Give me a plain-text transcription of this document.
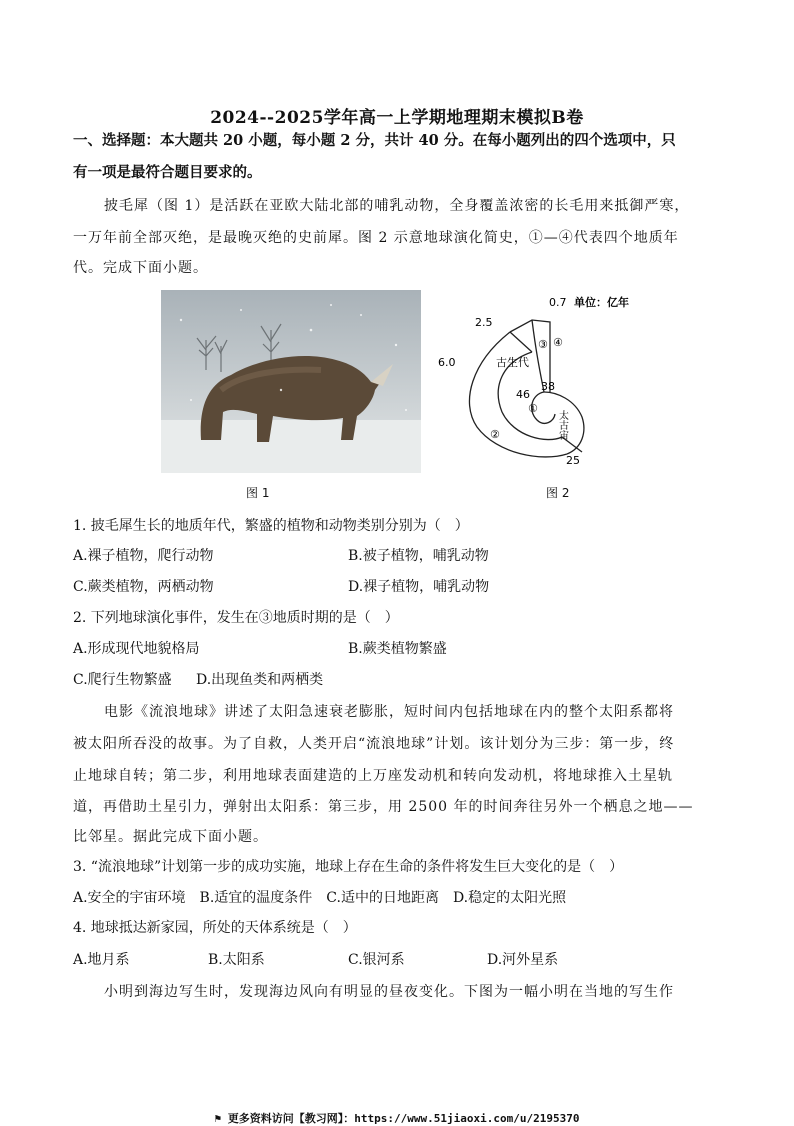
2024--2025学年高一上学期地理期末模拟B卷
一、选择题：本大题共 20 小题，每小题 2 分，共计 40 分。在每小题列出的四个选项中，只
有一项是最符合题目要求的。
披毛犀（图 1）是活跃在亚欧大陆北部的哺乳动物，全身覆盖浓密的长毛用来抵御严寒，
一万年前全部灭绝，是最晚灭绝的史前犀。图 2 示意地球演化简史，①—④代表四个地质年
代。完成下面小题。
图 1
0.7 单位：亿年
2.5
6.0	古生代
③ ④
38
46
①
②	太古宙
25
图 2
1. 披毛犀生长的地质年代，繁盛的植物和动物类别分别为（　）
A.裸子植物，爬行动物	B.被子植物，哺乳动物
C.蕨类植物，两栖动物	D.裸子植物，哺乳动物
2. 下列地球演化事件，发生在③地质时期的是（　）
A.形成现代地貌格局	B.蕨类植物繁盛
C.爬行生物繁盛 D.出现鱼类和两栖类
电影《流浪地球》讲述了太阳急速衰老膨胀，短时间内包括地球在内的整个太阳系都将
被太阳所吞没的故事。为了自救，人类开启“流浪地球”计划。该计划分为三步：第一步，终
止地球自转；第二步，利用地球表面建造的上万座发动机和转向发动机，将地球推入土星轨
道，再借助土星引力，弹射出太阳系：第三步，用 2500 年的时间奔往另外一个栖息之地——
比邻星。据此完成下面小题。
3. “流浪地球”计划第一步的成功实施，地球上存在生命的条件将发生巨大变化的是（　）
A.安全的宇宙环境　B.适宜的温度条件　C.适中的日地距离　D.稳定的太阳光照
4. 地球抵达新家园，所处的天体系统是（　）
A.地月系	B.太阳系	C.银河系	D.河外星系
小明到海边写生时，发现海边风向有明显的昼夜变化。下图为一幅小明在当地的写生作
⚑ 更多资料访问【教习网】：https://www.51jiaoxi.com/u/2195370
